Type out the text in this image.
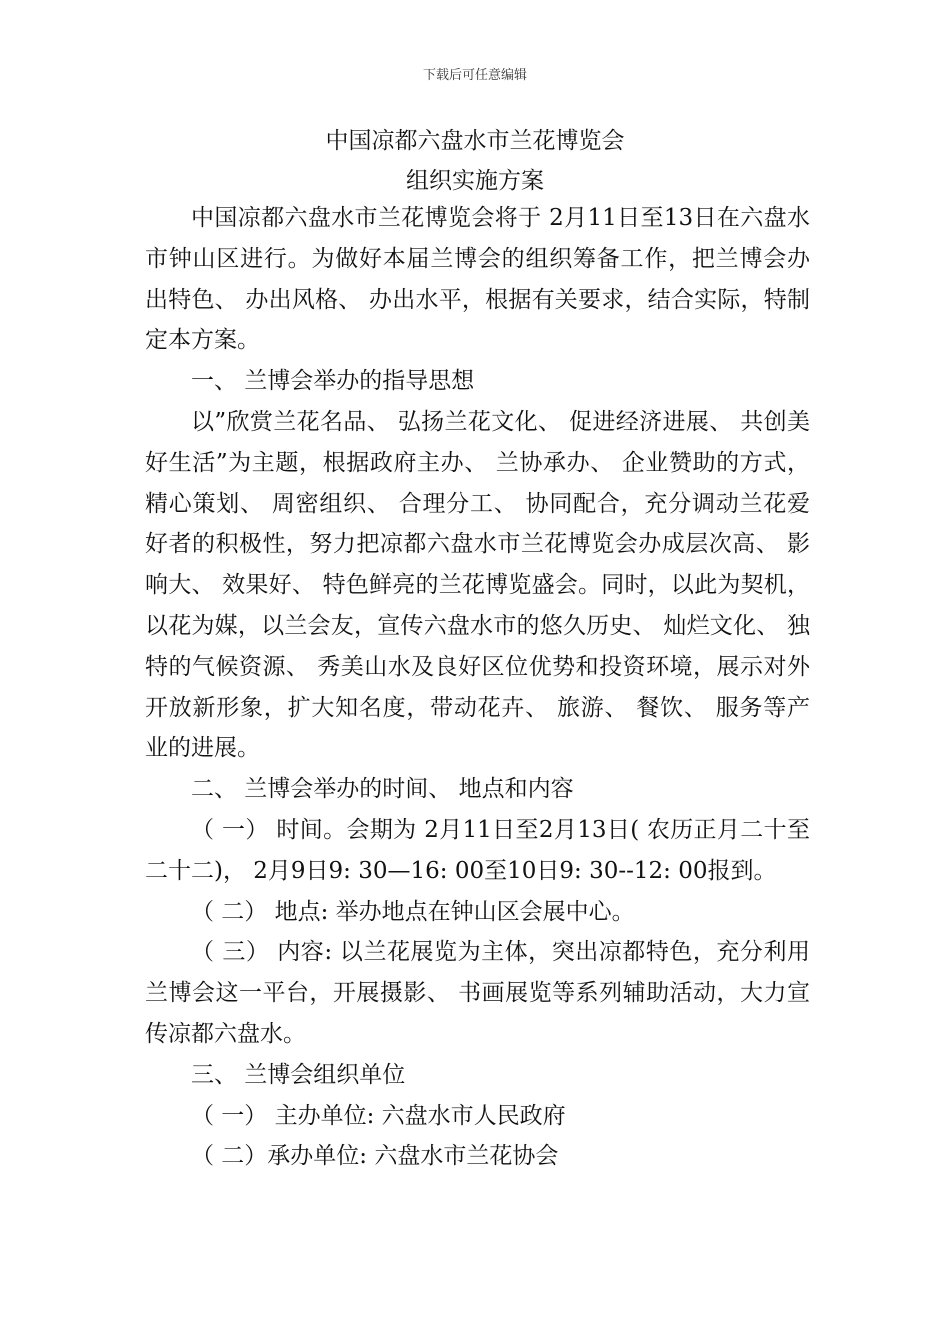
下载后可任意编辑
中国凉都六盘水市兰花博览会
组织实施方案

中国凉都六盘水市兰花博览会将于 2月11日至13日在六盘水市钟山区进行。为做好本届兰博会的组织筹备工作，把兰博会办出特色、 办出风格、 办出水平，根据有关要求，结合实际，特制定本方案。

一、 兰博会举办的指导思想

以”欣赏兰花名品、 弘扬兰花文化、 促进经济进展、 共创美好生活”为主题，根据政府主办、 兰协承办、 企业赞助的方式，精心策划、 周密组织、 合理分工、 协同配合，充分调动兰花爱好者的积极性，努力把凉都六盘水市兰花博览会办成层次高、 影响大、 效果好、 特色鲜亮的兰花博览盛会。同时，以此为契机，以花为媒，以兰会友，宣传六盘水市的悠久历史、 灿烂文化、 独特的气候资源、 秀美山水及良好区位优势和投资环境，展示对外开放新形象，扩大知名度，带动花卉、 旅游、 餐饮、 服务等产业的进展。

二、 兰博会举办的时间、 地点和内容

（ 一） 时间。会期为 2月11日至2月13日( 农历正月二十至二十二)， 2月9日9: 30—16: 00至10日9: 30--12: 00报到。

（ 二） 地点: 举办地点在钟山区会展中心。

（ 三） 内容: 以兰花展览为主体，突出凉都特色，充分利用兰博会这一平台，开展摄影、 书画展览等系列辅助活动，大力宣传凉都六盘水。

三、 兰博会组织单位

（ 一） 主办单位: 六盘水市人民政府

（ 二）承办单位: 六盘水市兰花协会
